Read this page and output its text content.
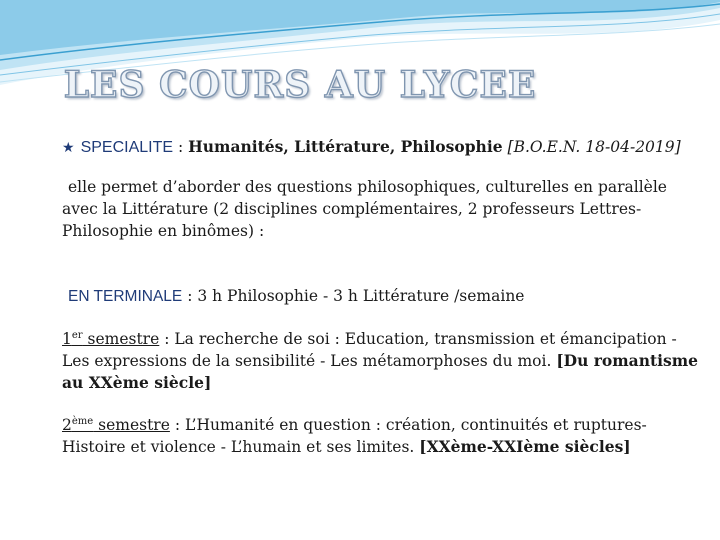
LES COURS AU LYCEE
★ SPECIALITE : Humanités, Littérature, Philosophie [B.O.E.N. 18-04-2019]
elle permet d’aborder des questions philosophiques, culturelles en parallèle avec la Littérature (2 disciplines complémentaires, 2 professeurs Lettres-Philosophie en binômes) :
EN TERMINALE : 3 h Philosophie - 3 h Littérature /semaine
1er semestre : La recherche de soi : Education, transmission et émancipation - Les expressions de la sensibilité - Les métamorphoses du moi. [Du romantisme au XXème siècle]
2ème semestre : L’Humanité en question : création, continuités et ruptures-Histoire et violence - L’humain et ses limites. [XXème-XXIème siècles]
